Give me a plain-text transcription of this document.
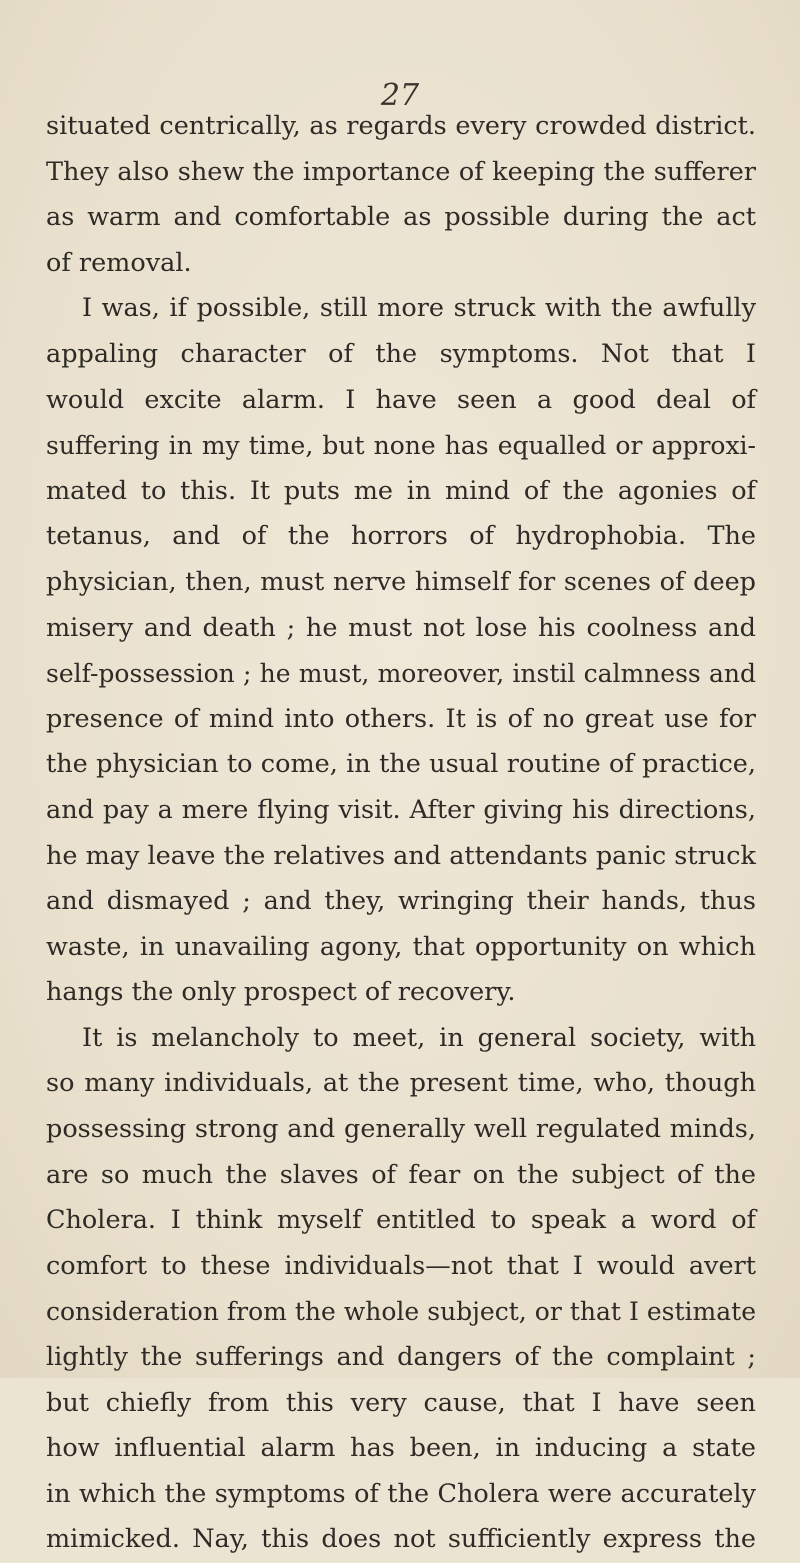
27
situated centrically, as regards every crowded district.
They also shew the importance of keeping the sufferer
as warm and comfortable as possible during the act
of removal.
I was, if possible, still more struck with the awfully
appaling character of the symptoms. Not that I
would excite alarm. I have seen a good deal of
suffering in my time, but none has equalled or approxi-
mated to this. It puts me in mind of the agonies of
tetanus, and of the horrors of hydrophobia. The
physician, then, must nerve himself for scenes of deep
misery and death ; he must not lose his coolness and
self-possession ; he must, moreover, instil calmness and
presence of mind into others. It is of no great use for
the physician to come, in the usual routine of practice,
and pay a mere flying visit. After giving his directions,
he may leave the relatives and attendants panic struck
and dismayed ; and they, wringing their hands, thus
waste, in unavailing agony, that opportunity on which
hangs the only prospect of recovery.
It is melancholy to meet, in general society, with
so many individuals, at the present time, who, though
possessing strong and generally well regulated minds,
are so much the slaves of fear on the subject of the
Cholera. I think myself entitled to speak a word of
comfort to these individuals—not that I would avert
consideration from the whole subject, or that I estimate
lightly the sufferings and dangers of the complaint ;
but chiefly from this very cause, that I have seen
how influential alarm has been, in inducing a state
in which the symptoms of the Cholera were accurately
mimicked. Nay, this does not sufficiently express the
